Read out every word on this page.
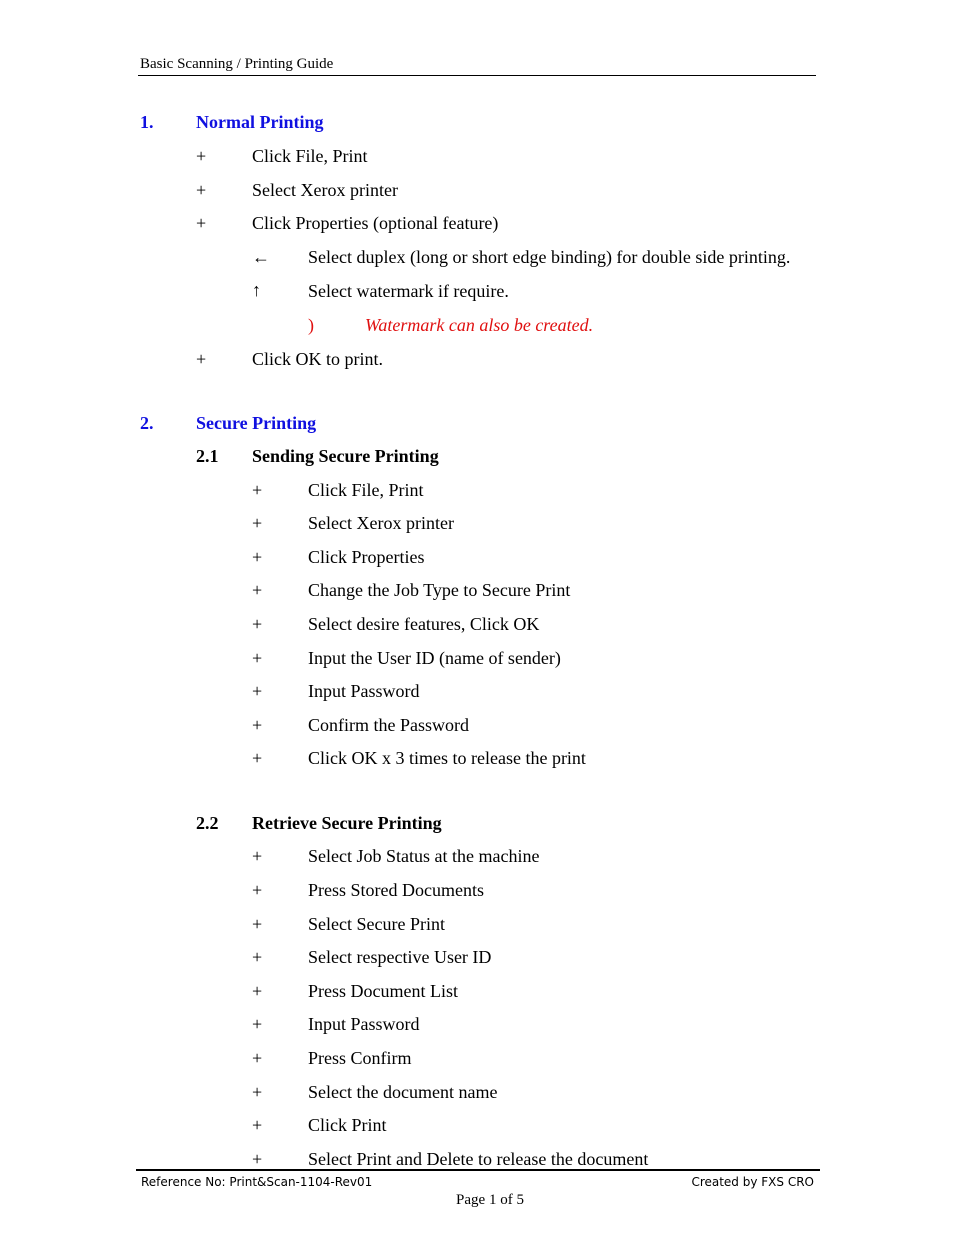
Basic Scanning / Printing Guide
1. Normal Printing
+	Click File, Print
+	Select Xerox printer
+	Click Properties (optional feature)
← Select duplex (long or short edge binding) for double side printing.
↑	Select watermark if require.
)	Watermark can also be created.
+	Click OK to print.
2. Secure Printing
2.1 Sending Secure Printing
+	Click File, Print
+	Select Xerox printer
+	Click Properties
+	Change the Job Type to Secure Print
+	Select desire features, Click OK
+	Input the User ID (name of sender)
+	Input Password
+	Confirm the Password
+	Click OK x 3 times to release the print
2.2 Retrieve Secure Printing
+	Select Job Status at the machine
+	Press Stored Documents
+	Select Secure Print
+	Select respective User ID
+	Press Document List
+	Input Password
+	Press Confirm
+	Select the document name
+	Click Print
+	Select Print and Delete to release the document
Reference No: Print&Scan-1104-Rev01	Created by FXS CRO
Page 1 of 5
